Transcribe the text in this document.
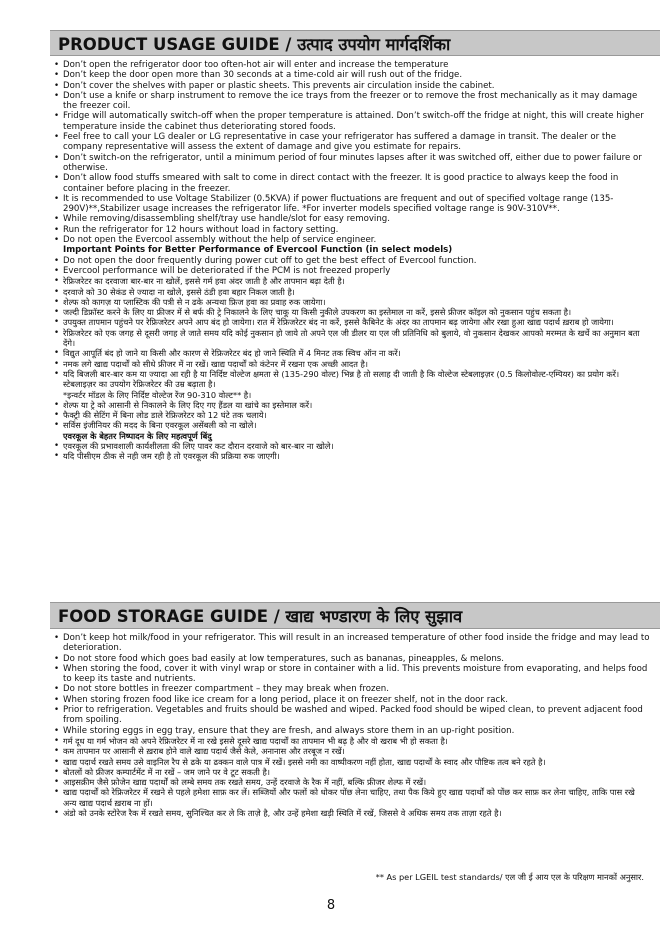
PRODUCT USAGE GUIDE / उत्पाद उपयोग मार्गदर्शिका
• Don’t open the refrigerator door too often-hot air will enter and increase the temperature
• Don’t keep the door open more than 30 seconds at a time-cold air will rush out of the fridge.
• Don’t cover the shelves with paper or plastic sheets. This prevents air circulation inside the cabinet.
• Don’t use a knife or sharp instrument to remove the ice trays from the freezer or to remove the frost mechanically as it may damage the freezer coil.
• Fridge will automatically switch-off when the proper temperature is attained. Don’t switch-off the fridge at night, this will create higher temperature inside the cabinet thus deteriorating stored foods.
• Feel free to call your LG dealer or LG representative in case your refrigerator has suffered a damage in transit. The dealer or the company representative will assess the extent of damage and give you estimate for repairs.
• Don’t switch-on the refrigerator, until a minimum period of four minutes lapses after it was switched off, either due to power failure or otherwise.
• Don’t allow food stuffs smeared with salt to come in direct contact with the freezer. It is good practice to always keep the food in container before placing in the freezer.
• It is recommended to use Voltage Stabilizer (0.5KVA) if power fluctuations are frequent and out of specified voltage range (135-290V)**,Stabilizer usage increases the refrigerator life. *For inverter models specified voltage range is 90V-310V**.
• While removing/disassembling shelf/tray use handle/slot for easy removing.
• Run the refrigerator for 12 hours without load in factory setting.
• Do not open the Evercool assembly without the help of service engineer.
Important Points for Better Performance of Evercool Function (in select models)
• Do not open the door frequently during power cut off to get the best effect of Evercool function.
• Evercool performance will be deteriorated if the PCM is not freezed properly
• रेफ्रिजरेटर का दरवाजा बार-बार ना खोलें, इससे गर्म हवा अंदर जाती है और तापमान बढ़ा देती है।
• दरवाजे को 30 सेकंड से ज्यादा ना खोले, इससे ठंडी हवा बहार निकल जाती है।
• शेल्फ को कागज़ या प्लास्टिक की पत्री से न ढके अन्यथा फ्रिज हवा का प्रवाह रुक जायेगा।
• जल्दी डिफ्रॉस्ट करने के लिए या फ्रीजर में से बर्फ की ट्रे निकालने के लिए चाकू या किसी नुकीले उपकरण का इस्तेमाल ना करें, इससे फ्रीजर कॉइल को नुकसान पहुंच सकता है।
• उपयुक्त तापमान पहुंचने पर रेफ्रिजरेटर अपने आप बंद हो जायेगा। रात में रेफ्रिजरेटर बंद ना करें, इससे कैबिनेट के अंदर का तापमान बढ़ जायेगा और रखा हुआ खाद्य पदार्थ ख़राब हो जायेगा।
• रेफ्रिजरेटर को एक जगह से दूसरी जगह ले जाते समय यदि कोई नुकसान हो जाये तो अपने एल जी डीलर या एल जी प्रतिनिधि को बुलाये, वो नुकसान देखकर आपको मरम्मत के खर्चे का अनुमान बता देंगे।
• विद्युत आपूर्ति बंद हो जाने या किसी और कारण से रेफ्रिजरेटर बंद हो जाने स्थिति में 4 मिनट तक स्विच ऑन ना करें।
• नमक लगे खाद्य पदार्थों को सीधे फ्रीजर में ना रखें। खाद्य पदार्थों को कंटेनर में रखना एक अच्छी आदत है।
• यदि बिजली बार-बार कम या ज्यादा आ रही है या निर्दिष्ट वोल्टेज क्षमता से (135-290 वोल्ट) भिन्न है तो सलाह दी जाती है कि वोल्टेज स्टेबलाइज़र (0.5 किलोवोल्ट-एम्पियर) का प्रयोग करें। स्टेबलाइज़र का उपयोग रेफ्रिजरेटर की उम्र बढ़ाता है।
*इन्वर्टर मॉडल के लिए निर्दिष्ट वोल्टेज रेंज 90-310 वोल्ट** है।
• शेल्फ या ट्रे को आसानी से निकालने के लिए दिए गए हैंडल या खांचे का इस्तेमाल करें।
• फैक्ट्री की सेटिंग में बिना लोड डाले रेफ्रिजरेटर को 12 घंटे तक चलाये।
• सर्विस इंजीनियर की मदद के बिना एवरकूल असेंबली को ना खोले।
एवरकूल के बेहतर निष्पादन के लिए महत्वपूर्ण बिंदु
• एवरकूल की प्रभावशाली कार्यशीलता की लिए पावर कट दौरान दरवाजे को बार-बार ना खोले।
• यदि पीसीएम ठीक से नही जम रही है तो एवरकूल की प्रक्रिया रुक जाएगी।
FOOD STORAGE GUIDE / खाद्य भण्डारण के लिए सुझाव
• Don’t keep hot milk/food in your refrigerator. This will result in an increased temperature of other food inside the fridge and may lead to deterioration.
• Do not store food which goes bad easily at low temperatures, such as bananas, pineapples, & melons.
• When storing the food, cover it with vinyl wrap or store in container with a lid. This prevents moisture from evaporating, and helps food to keep its taste and nutrients.
• Do not store bottles in freezer compartment – they may break when frozen.
• When storing frozen food like ice cream for a long period, place it on freezer shelf, not in the door rack.
• Prior to refrigeration. Vegetables and fruits should be washed and wiped. Packed food should be wiped clean, to prevent adjacent food from spoiling.
• While storing eggs in egg tray, ensure that they are fresh, and always store them in an up-right position.
• गर्म दूध या गर्म भोजन को अपने रेफ्रिजरेटर में ना रखे इससे दूसरे खाद्य पदार्थों का तापमान भी बढ़ है और वो खराब भी हो सकता है।
• कम तापमान पर आसानी से ख़राब होने वाले खाद्य पदार्थ जैसे केले, अनानास और तरबूज न रखें।
• खाद्य पदार्थ रखते समय उसे वाइनिल रैप से ढके या ढक्कन वाले पात्र में रखें। इससे नमी का वाष्पीकरण नहीं होता, खाद्य पदार्थों के स्वाद और पौष्टिक तत्व बने रहते है।
• बोतलों को फ्रीजर कम्पार्टमेंट में ना रखें – जम जाने पर वे टूट सकती है।
• आइसक्रीम जैसे फ्रोजेन खाद्य पदार्थों को लम्बे समय तक रखते समय, उन्हें दरवाजे के रैक में नहीं, बल्कि फ्रीजर शेल्फ में रखें।
• खाद्य पदार्थों को रेफ्रिजरेटर में रखने से पहले हमेशा साफ़ कर लें। सब्जियों और फलों को धोकर पोंछ लेना चाहिए, तथा पैक किये हुए खाद्य पदार्थों को पोंछ कर साफ़ कर लेना चाहिए, ताकि पास रखे अन्य खाद्य पदार्थ ख़राब ना हों।
• अंडो को उनके स्टोरेज रैक में रखते समय, सुनिश्चित कर ले कि ताज़े है, और उन्हें हमेशा खड़ी स्थिति में रखें, जिससे वे अधिक समय तक ताज़ा रहते है।
** As per LGEIL test standards/ एल जी ई आय एल के परिक्षण मानकों अनुसार.
8
